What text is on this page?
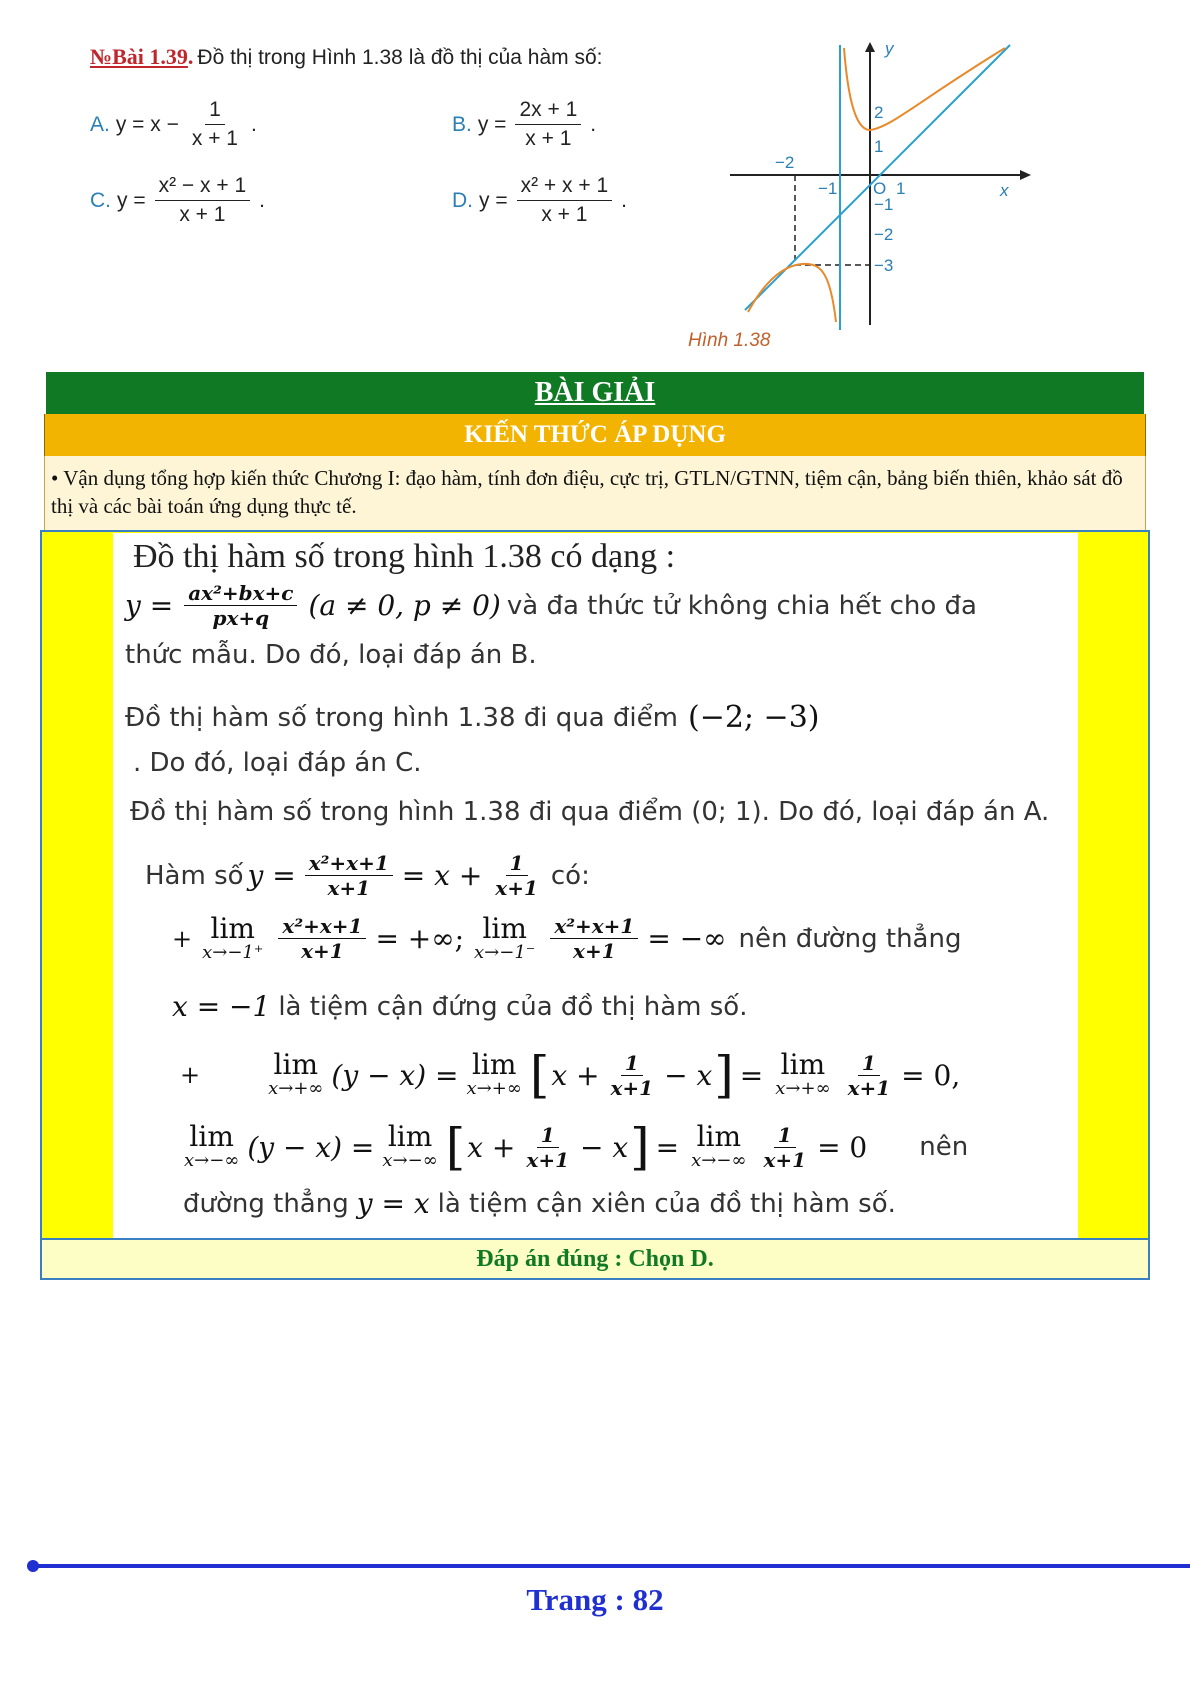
№Bài 1.39. Đồ thị trong Hình 1.38 là đồ thị của hàm số:
A. $y = x - \frac{1}{x + 1}$ .	B. $y = \frac{2x + 1}{x + 1}$ .
C. $y = \frac{\text{x² − x + 1}}{x + 1}$ .	D. $y = \frac{\text{x² + x + 1}}{x + 1}$ .
y
x
O
−2
−1	1
2
1
−1
−2
−3
Hình 1.38
BÀI GIẢI
KIẾN THỨC ÁP DỤNG
• Vận dụng tổng hợp kiến thức Chương I: đạo hàm, tính đơn điệu, cực trị, GTLN/GTNN, tiệm cận, bảng biến thiên, khảo sát đồ thị và các bài toán ứng dụng thực tế.
Đồ thị hàm số trong hình 1.38 có dạng :
$y = \frac{\text{ax²+bx+c}}{px+q} (a \ne 0$, p ≠ 0) và đa thức tử không chia hết cho đa
thức mẫu. Do đó, loại đáp án B.
Đồ thị hàm số trong hình 1.38 đi qua điểm (−2; −3)
. Do đó, loại đáp án C.
Đồ thị hàm số trong hình 1.38 đi qua điểm (0; 1). Do đó, loại đáp án A.
Hàm số $y = \frac{\text{x²+x+1}}{x+1} = x + \frac{1}{x+1}$ có:
+ lim
$x\to-1^+ \frac{\text{x²+x+1}}{x+1}$ = +∞; lim
$x\to-1^- \frac{\text{x²+x+1}}{x+1}$ = −∞ nên đường thẳng
x = −1 là tiệm cận đứng của đồ thị hàm số.
+	lim
x→+∞ (y − x) = lim
x→+∞ [ $x + \frac{1}{x+1} - x$ ] = lim
$x\to+\infty \frac{1}{x+1} = 0$,
lim
x→−∞ (y − x) = lim
x→−∞ [ $x + \frac{1}{x+1} - x$ ] = lim
$x\to-\infty \frac{1}{x+1} = 0$ nên
đường thẳng y = x là tiệm cận xiên của đồ thị hàm số.
Đáp án đúng : Chọn D.
Trang : 82
